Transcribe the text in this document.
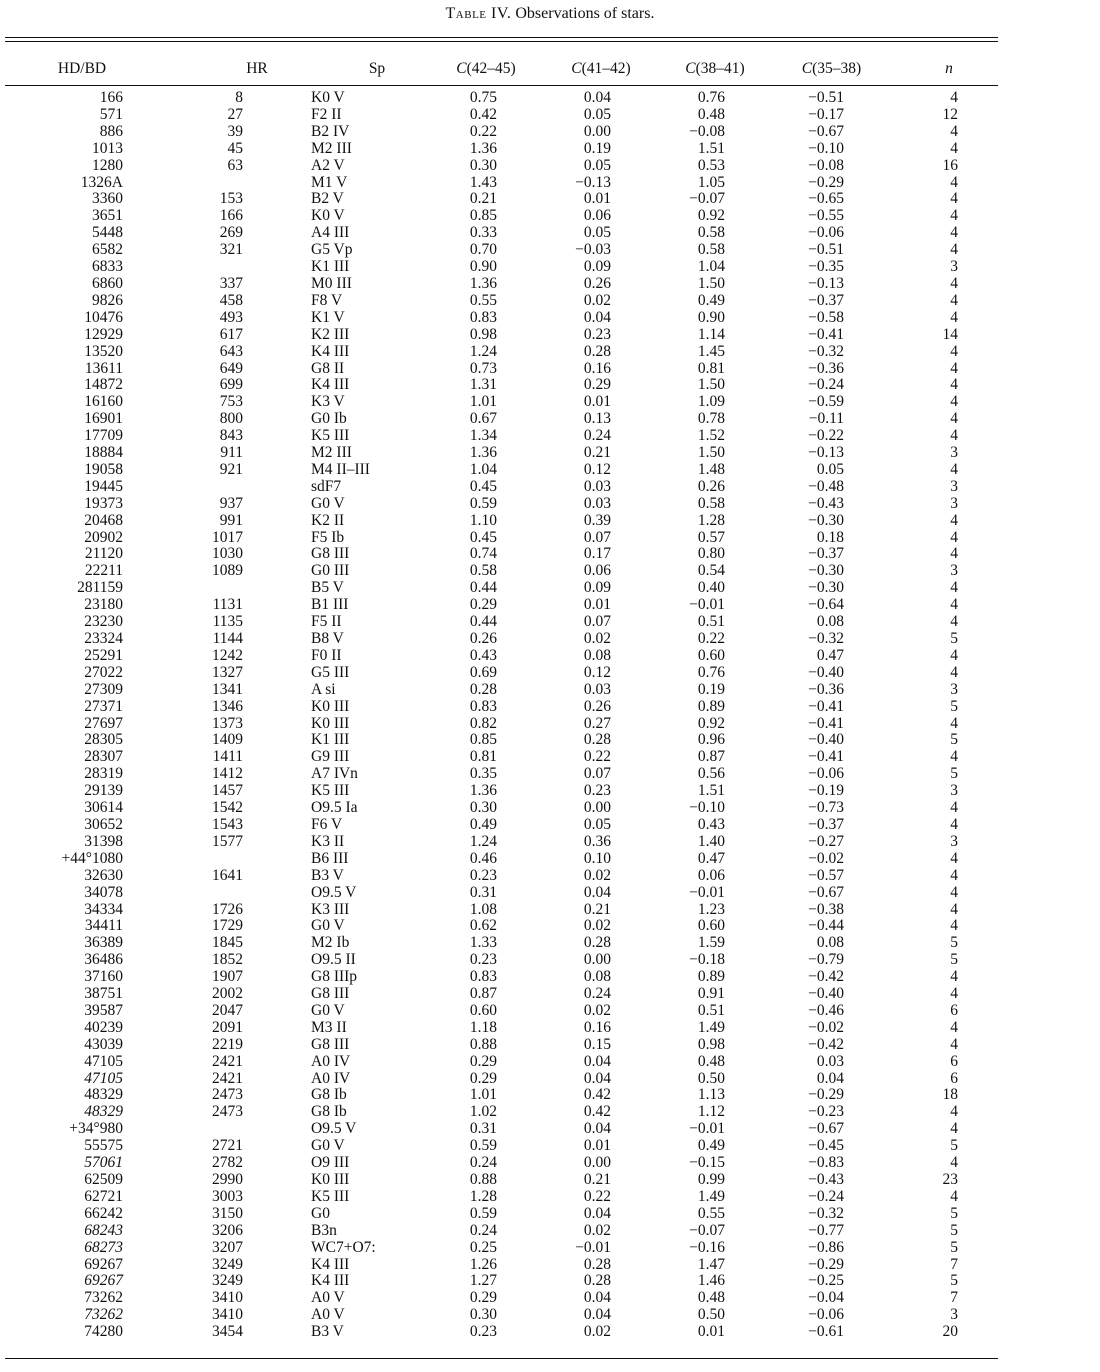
Table IV. Observations of stars.
HD/BD	HR	Sp	C(42–45)	C(41–42)	C(38–41)	C(35–38)	n

166	8	K0 V	0.75	0.04	0.76	−0.51	4
571	27	F2 II	0.42	0.05	0.48	−0.17	12
886	39	B2 IV	0.22	0.00	−0.08	−0.67	4
1013	45	M2 III	1.36	0.19	1.51	−0.10	4
1280	63	A2 V	0.30	0.05	0.53	−0.08	16
1326A		M1 V	1.43	−0.13	1.05	−0.29	4
3360	153	B2 V	0.21	0.01	−0.07	−0.65	4
3651	166	K0 V	0.85	0.06	0.92	−0.55	4
5448	269	A4 III	0.33	0.05	0.58	−0.06	4
6582	321	G5 Vp	0.70	−0.03	0.58	−0.51	4
6833		K1 III	0.90	0.09	1.04	−0.35	3
6860	337	M0 III	1.36	0.26	1.50	−0.13	4
9826	458	F8 V	0.55	0.02	0.49	−0.37	4
10476	493	K1 V	0.83	0.04	0.90	−0.58	4
12929	617	K2 III	0.98	0.23	1.14	−0.41	14
13520	643	K4 III	1.24	0.28	1.45	−0.32	4
13611	649	G8 II	0.73	0.16	0.81	−0.36	4
14872	699	K4 III	1.31	0.29	1.50	−0.24	4
16160	753	K3 V	1.01	0.01	1.09	−0.59	4
16901	800	G0 Ib	0.67	0.13	0.78	−0.11	4
17709	843	K5 III	1.34	0.24	1.52	−0.22	4
18884	911	M2 III	1.36	0.21	1.50	−0.13	3
19058	921	M4 II–III	1.04	0.12	1.48	0.05	4
19445		sdF7	0.45	0.03	0.26	−0.48	3
19373	937	G0 V	0.59	0.03	0.58	−0.43	3
20468	991	K2 II	1.10	0.39	1.28	−0.30	4
20902	1017	F5 Ib	0.45	0.07	0.57	0.18	4
21120	1030	G8 III	0.74	0.17	0.80	−0.37	4
22211	1089	G0 III	0.58	0.06	0.54	−0.30	3
281159		B5 V	0.44	0.09	0.40	−0.30	4
23180	1131	B1 III	0.29	0.01	−0.01	−0.64	4
23230	1135	F5 II	0.44	0.07	0.51	0.08	4
23324	1144	B8 V	0.26	0.02	0.22	−0.32	5
25291	1242	F0 II	0.43	0.08	0.60	0.47	4
27022	1327	G5 III	0.69	0.12	0.76	−0.40	4
27309	1341	A si	0.28	0.03	0.19	−0.36	3
27371	1346	K0 III	0.83	0.26	0.89	−0.41	5
27697	1373	K0 III	0.82	0.27	0.92	−0.41	4
28305	1409	K1 III	0.85	0.28	0.96	−0.40	5
28307	1411	G9 III	0.81	0.22	0.87	−0.41	4
28319	1412	A7 IVn	0.35	0.07	0.56	−0.06	5
29139	1457	K5 III	1.36	0.23	1.51	−0.19	3
30614	1542	O9.5 Ia	0.30	0.00	−0.10	−0.73	4
30652	1543	F6 V	0.49	0.05	0.43	−0.37	4
31398	1577	K3 II	1.24	0.36	1.40	−0.27	3
+44°1080		B6 III	0.46	0.10	0.47	−0.02	4
32630	1641	B3 V	0.23	0.02	0.06	−0.57	4
34078		O9.5 V	0.31	0.04	−0.01	−0.67	4
34334	1726	K3 III	1.08	0.21	1.23	−0.38	4
34411	1729	G0 V	0.62	0.02	0.60	−0.44	4
36389	1845	M2 Ib	1.33	0.28	1.59	0.08	5
36486	1852	O9.5 II	0.23	0.00	−0.18	−0.79	5
37160	1907	G8 IIIp	0.83	0.08	0.89	−0.42	4
38751	2002	G8 III	0.87	0.24	0.91	−0.40	4
39587	2047	G0 V	0.60	0.02	0.51	−0.46	6
40239	2091	M3 II	1.18	0.16	1.49	−0.02	4
43039	2219	G8 III	0.88	0.15	0.98	−0.42	4
47105	2421	A0 IV	0.29	0.04	0.48	0.03	6
47105	2421	A0 IV	0.29	0.04	0.50	0.04	6
48329	2473	G8 Ib	1.01	0.42	1.13	−0.29	18
48329	2473	G8 Ib	1.02	0.42	1.12	−0.23	4
+34°980		O9.5 V	0.31	0.04	−0.01	−0.67	4
55575	2721	G0 V	0.59	0.01	0.49	−0.45	5
57061	2782	O9 III	0.24	0.00	−0.15	−0.83	4
62509	2990	K0 III	0.88	0.21	0.99	−0.43	23
62721	3003	K5 III	1.28	0.22	1.49	−0.24	4
66242	3150	G0	0.59	0.04	0.55	−0.32	5
68243	3206	B3n	0.24	0.02	−0.07	−0.77	5
68273	3207	WC7+O7:	0.25	−0.01	−0.16	−0.86	5
69267	3249	K4 III	1.26	0.28	1.47	−0.29	7
69267	3249	K4 III	1.27	0.28	1.46	−0.25	5
73262	3410	A0 V	0.29	0.04	0.48	−0.04	7
73262	3410	A0 V	0.30	0.04	0.50	−0.06	3
74280	3454	B3 V	0.23	0.02	0.01	−0.61	20
